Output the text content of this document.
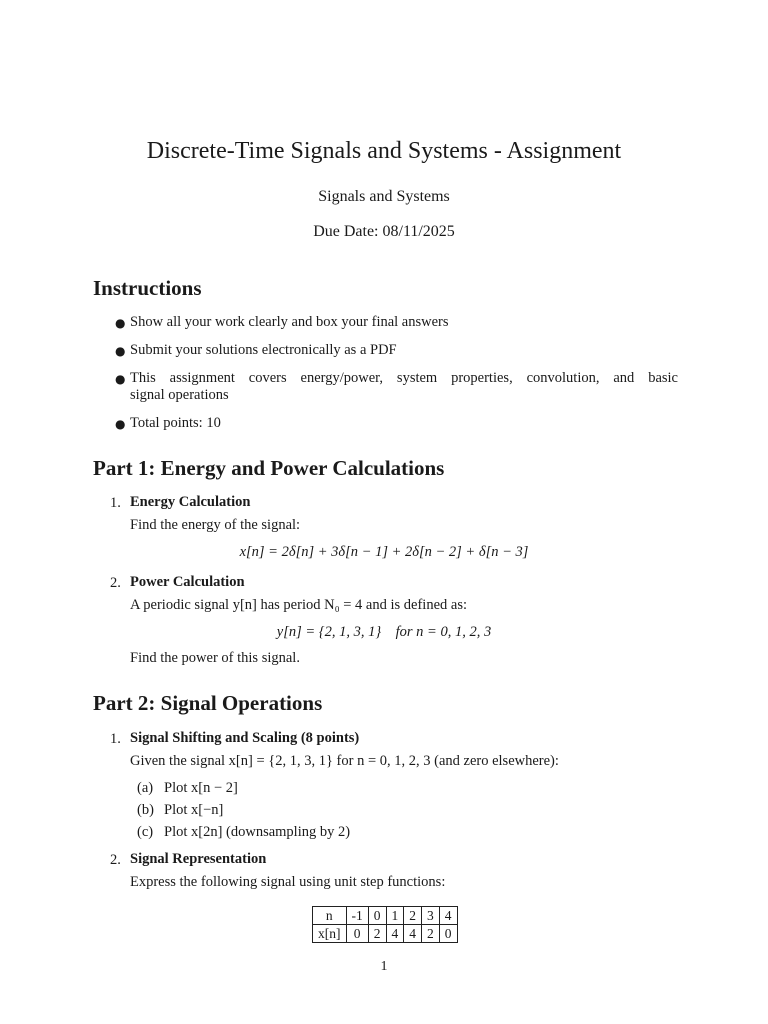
Discrete-Time Signals and Systems - Assignment
Signals and Systems
Due Date: 08/11/2025
Instructions
● Show all your work clearly and box your final answers
● Submit your solutions electronically as a PDF
● This assignment covers energy/power, system properties, convolution, and basic
signal operations
● Total points: 10
Part 1: Energy and Power Calculations
1. Energy Calculation
Find the energy of the signal:
x[n] = 2δ[n] + 3δ[n − 1] + 2δ[n − 2] + δ[n − 3]
2. Power Calculation
A periodic signal y[n] has period N₀ = 4 and is defined as:
y[n] = {2, 1, 3, 1}    for n = 0, 1, 2, 3
Find the power of this signal.
Part 2: Signal Operations
1. Signal Shifting and Scaling (8 points)
Given the signal x[n] = {2, 1, 3, 1} for n = 0, 1, 2, 3 (and zero elsewhere):
(a) Plot x[n − 2]
(b) Plot x[−n]
(c) Plot x[2n] (downsampling by 2)
2. Signal Representation
Express the following signal using unit step functions:
n	-1	0	1	2	3	4
x[n]	0	2	4	4	2	0
1
